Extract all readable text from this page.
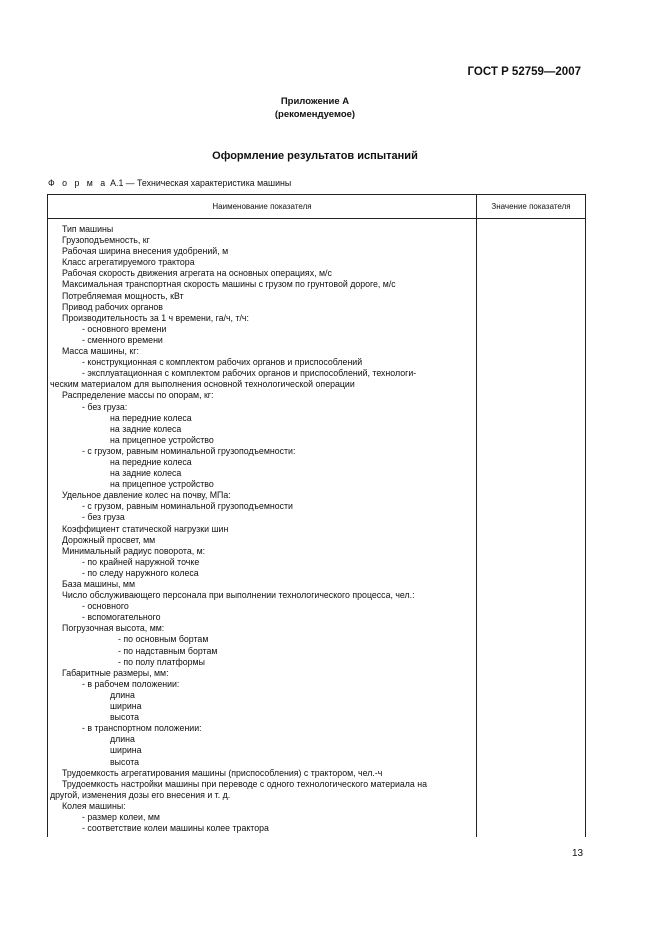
ГОСТ Р 52759—2007
Приложение А
(рекомендуемое)
Оформление результатов испытаний
Ф о р м а А.1 — Техническая характеристика машины
Наименование показателя	Значение показателя
Тип машины
Грузоподъемность, кг
Рабочая ширина внесения удобрений, м
Класс агрегатируемого трактора
Рабочая скорость движения агрегата на основных операциях, м/с
Максимальная транспортная скорость машины с грузом по грунтовой дороге, м/с
Потребляемая мощность, кВт
Привод рабочих органов
Производительность за 1 ч времени, га/ч, т/ч:
- основного времени
- сменного времени
Масса машины, кг:
- конструкционная с комплектом рабочих органов и приспособлений
- эксплуатационная с комплектом рабочих органов и приспособлений, технологи-
ческим материалом для выполнения основной технологической операции
Распределение массы по опорам, кг:
- без груза:
на передние колеса
на задние колеса
на прицепное устройство
- с грузом, равным номинальной грузоподъемности:
на передние колеса
на задние колеса
на прицепное устройство
Удельное давление колес на почву, МПа:
- с грузом, равным номинальной грузоподъемности
- без груза
Коэффициент статической нагрузки шин
Дорожный просвет, мм
Минимальный радиус поворота, м:
- по крайней наружной точке
- по следу наружного колеса
База машины, мм
Число обслуживающего персонала при выполнении технологического процесса, чел.:
- основного
- вспомогательного
Погрузочная высота, мм:
- по основным бортам
- по надставным бортам
- по полу платформы
Габаритные размеры, мм:
- в рабочем положении:
длина
ширина
высота
- в транспортном положении:
длина
ширина
высота
Трудоемкость агрегатирования машины (приспособления) с трактором, чел.-ч
Трудоемкость настройки машины при переводе с одного технологического материала на
другой, изменения дозы его внесения и т. д.
Колея машины:
- размер колеи, мм
- соответствие колеи машины колее трактора
13
